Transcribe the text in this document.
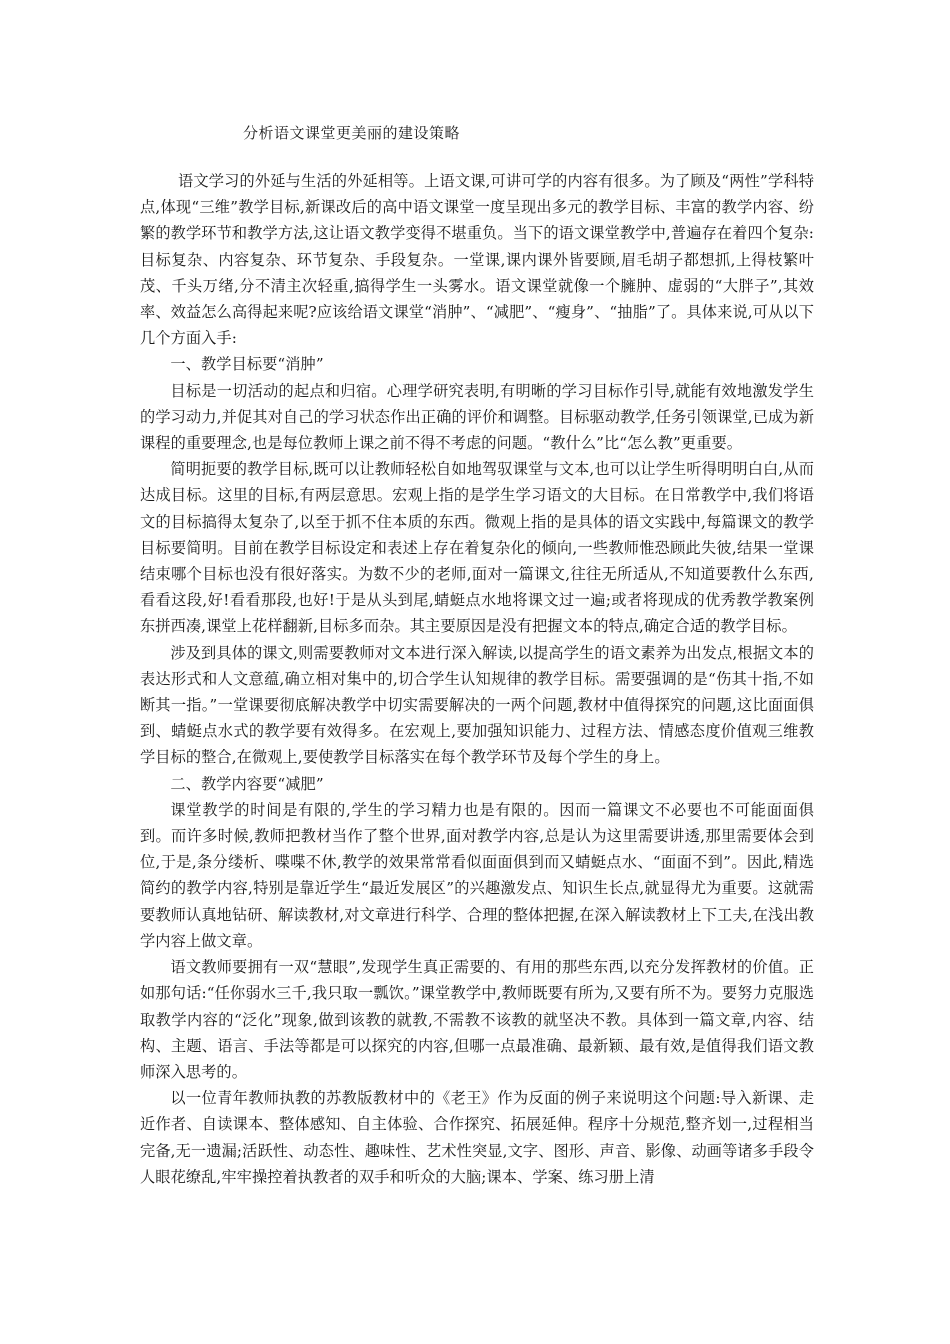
分析语文课堂更美丽的建设策略

语文学习的外延与生活的外延相等。上语文课,可讲可学的内容有很多。为了顾及“两性”学科特点,体现“三维”教学目标,新课改后的高中语文课堂一度呈现出多元的教学目标、丰富的教学内容、纷繁的教学环节和教学方法,这让语文教学变得不堪重负。当下的语文课堂教学中,普遍存在着四个复杂:目标复杂、内容复杂、环节复杂、手段复杂。一堂课,课内课外皆要顾,眉毛胡子都想抓,上得枝繁叶茂、千头万绪,分不清主次轻重,搞得学生一头雾水。语文课堂就像一个臃肿、虚弱的“大胖子”,其效率、效益怎么高得起来呢?应该给语文课堂“消肿”、“减肥”、“瘦身”、“抽脂”了。具体来说,可从以下几个方面入手:

一、教学目标要“消肿”

目标是一切活动的起点和归宿。心理学研究表明,有明晰的学习目标作引导,就能有效地激发学生的学习动力,并促其对自己的学习状态作出正确的评价和调整。目标驱动教学,任务引领课堂,已成为新课程的重要理念,也是每位教师上课之前不得不考虑的问题。“教什么”比“怎么教”更重要。

简明扼要的教学目标,既可以让教师轻松自如地驾驭课堂与文本,也可以让学生听得明明白白,从而达成目标。这里的目标,有两层意思。宏观上指的是学生学习语文的大目标。在日常教学中,我们将语文的目标搞得太复杂了,以至于抓不住本质的东西。微观上指的是具体的语文实践中,每篇课文的教学目标要简明。目前在教学目标设定和表述上存在着复杂化的倾向,一些教师惟恐顾此失彼,结果一堂课结束哪个目标也没有很好落实。为数不少的老师,面对一篇课文,往往无所适从,不知道要教什么东西,看看这段,好!看看那段,也好!于是从头到尾,蜻蜓点水地将课文过一遍;或者将现成的优秀教学教案例东拼西凑,课堂上花样翻新,目标多而杂。其主要原因是没有把握文本的特点,确定合适的教学目标。

涉及到具体的课文,则需要教师对文本进行深入解读,以提高学生的语文素养为出发点,根据文本的表达形式和人文意蕴,确立相对集中的,切合学生认知规律的教学目标。需要强调的是“伤其十指,不如断其一指。”一堂课要彻底解决教学中切实需要解决的一两个问题,教材中值得探究的问题,这比面面俱到、蜻蜓点水式的教学要有效得多。在宏观上,要加强知识能力、过程方法、情感态度价值观三维教学目标的整合,在微观上,要使教学目标落实在每个教学环节及每个学生的身上。

二、教学内容要“减肥”

课堂教学的时间是有限的,学生的学习精力也是有限的。因而一篇课文不必要也不可能面面俱到。而许多时候,教师把教材当作了整个世界,面对教学内容,总是认为这里需要讲透,那里需要体会到位,于是,条分缕析、喋喋不休,教学的效果常常看似面面俱到而又蜻蜓点水、“面面不到”。因此,精选简约的教学内容,特别是靠近学生“最近发展区”的兴趣激发点、知识生长点,就显得尤为重要。这就需要教师认真地钻研、解读教材,对文章进行科学、合理的整体把握,在深入解读教材上下工夫,在浅出教学内容上做文章。

语文教师要拥有一双“慧眼”,发现学生真正需要的、有用的那些东西,以充分发挥教材的价值。正如那句话:“任你弱水三千,我只取一瓢饮。”课堂教学中,教师既要有所为,又要有所不为。要努力克服选取教学内容的“泛化”现象,做到该教的就教,不需教不该教的就坚决不教。具体到一篇文章,内容、结构、主题、语言、手法等都是可以探究的内容,但哪一点最准确、最新颖、最有效,是值得我们语文教师深入思考的。

以一位青年教师执教的苏教版教材中的《老王》作为反面的例子来说明这个问题:导入新课、走近作者、自读课本、整体感知、自主体验、合作探究、拓展延伸。程序十分规范,整齐划一,过程相当完备,无一遗漏;活跃性、动态性、趣味性、艺术性突显,文字、图形、声音、影像、动画等诸多手段令人眼花缭乱,牢牢操控着执教者的双手和听众的大脑;课本、学案、练习册上清
